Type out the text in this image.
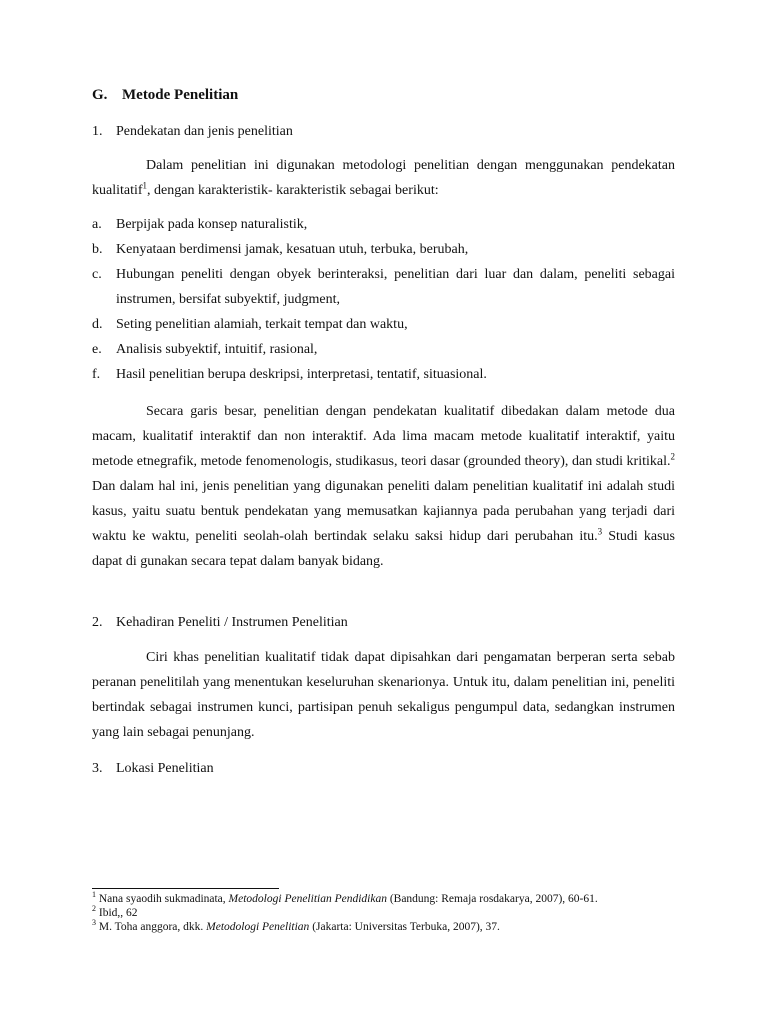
G. Metode Penelitian
1. Pendekatan dan jenis penelitian

Dalam penelitian ini digunakan metodologi penelitian dengan menggunakan pendekatan kualitatif$^1$, dengan karakteristik- karakteristik sebagai berikut:

a. Berpijak pada konsep naturalistik,
b. Kenyataan berdimensi jamak, kesatuan utuh, terbuka, berubah,
c. Hubungan peneliti dengan obyek berinteraksi, penelitian dari luar dan dalam, peneliti sebagai instrumen, bersifat subyektif, judgment,
d. Seting penelitian alamiah, terkait tempat dan waktu,
e. Analisis subyektif, intuitif, rasional,
f. Hasil penelitian berupa deskripsi, interpretasi, tentatif, situasional.

Secara garis besar, penelitian dengan pendekatan kualitatif dibedakan dalam metode dua macam, kualitatif interaktif dan non interaktif. Ada lima macam metode kualitatif interaktif, yaitu metode etnegrafik, metode fenomenologis, studikasus, teori dasar (grounded theory), dan studi kritikal.$^2$ Dan dalam hal ini, jenis penelitian yang digunakan peneliti dalam penelitian kualitatif ini adalah studi kasus, yaitu suatu bentuk pendekatan yang memusatkan kajiannya pada perubahan yang terjadi dari waktu ke waktu, peneliti seolah-olah bertindak selaku saksi hidup dari perubahan itu.$^3$ Studi kasus dapat di gunakan secara tepat dalam banyak bidang.

2. Kehadiran Peneliti / Instrumen Penelitian

Ciri khas penelitian kualitatif tidak dapat dipisahkan dari pengamatan berperan serta sebab peranan penelitilah yang menentukan keseluruhan skenarionya. Untuk itu, dalam penelitian ini, peneliti bertindak sebagai instrumen kunci, partisipan penuh sekaligus pengumpul data, sedangkan instrumen yang lain sebagai penunjang.

3. Lokasi Penelitian
$^1$ Nana syaodih sukmadinata, Metodologi Penelitian Pendidikan (Bandung: Remaja rosdakarya, 2007), 60-61.
$^2$ Ibid,, 62
$^3$ M. Toha anggora, dkk. Metodologi Penelitian (Jakarta: Universitas Terbuka, 2007), 37.
